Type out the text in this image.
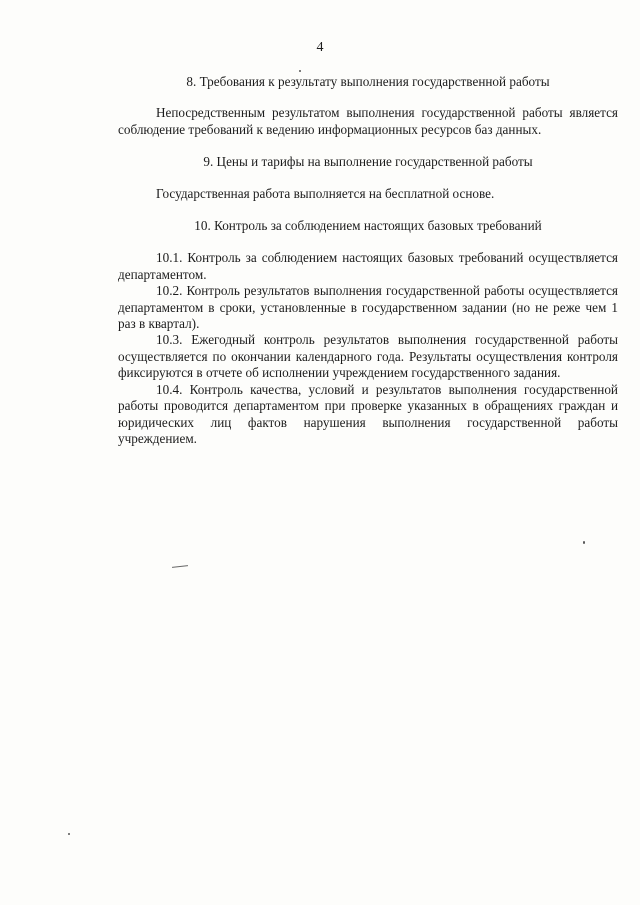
4

8. Требования к результату выполнения государственной работы

Непосредственным результатом выполнения государственной работы является соблюдение требований к ведению информационных ресурсов баз данных.

9. Цены и тарифы на выполнение государственной работы

Государственная работа выполняется на бесплатной основе.

10. Контроль за соблюдением настоящих базовых требований

10.1. Контроль за соблюдением настоящих базовых требований осуществляется департаментом.

10.2. Контроль результатов выполнения государственной работы осуществляется департаментом в сроки, установленные в государственном задании (но не реже чем 1 раз в квартал).

10.3. Ежегодный контроль результатов выполнения государственной работы осуществляется по окончании календарного года. Результаты осуществления контроля фиксируются в отчете об исполнении учреждением государственного задания.

10.4. Контроль качества, условий и результатов выполнения государственной работы проводится департаментом при проверке указанных в обращениях граждан и юридических лиц фактов нарушения выполнения государственной работы учреждением.
